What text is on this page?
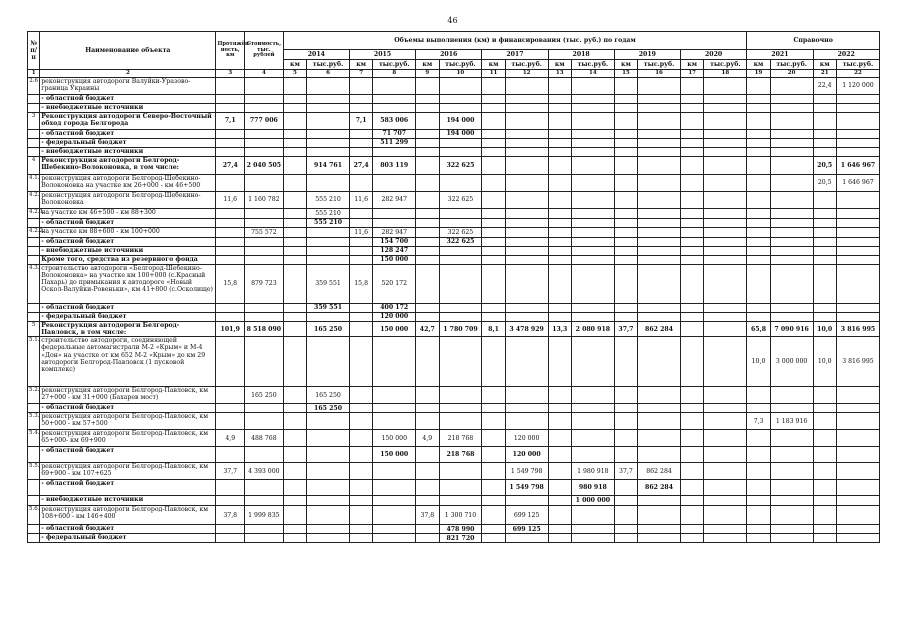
46
№ п/п	Наименование объекта	Протяжён-ность, км	Стоимость, тыс. рублей	Объемы выполнения (км) и финансирования (тыс. руб.) по годам														Справочно			
				2014		2015		2016		2017		2018		2019		2020		2021		2022	
				км	тыс.руб.	км	тыс.руб.	км	тыс.руб.	км	тыс.руб.	км	тыс.руб.	км	тыс.руб.	км	тыс.руб.	км	тыс.руб.	км	тыс.руб.
1	2	3	4	5	6	7	8	9	10	11	12	13	14	15	16	17	18	19	20	21	22
2.6	реконструкция автодороги Валуйки-Уразово-граница Украины																			22,4	1 120 000
	- областной бюджет																				
	- внебюджетные источники																				
3	Реконструкция автодороги Северо-Восточный обход города Белгорода	7,1	777 006			7,1	583 006		194 000												
	- областной бюджет						71 707		194 000												
	- федеральный бюджет						511 299														
	- внебюджетные источники																				
4	Реконструкция автодороги Белгород-Шебекино-Волоконовка, в том числе:	27,4	2 040 505		914 761	27,4	803 119		322 625											20,5	1 646 967
4.1.	реконструкция автодороги Белгород-Шебекино-Волоконовка на участке км 26+000 - км 46+500																			20,5	1 646 967
4.2.	реконструкция автодороги Белгород-Шебекино-Волоконовка	11,6	1 160 782		555 210	11,6	282 947		322 625												
4.2.1.	на участке км 46+500 - км 88+300				555 210																
	- областной бюджет				555 210																
4.2.2.	на участке км 88+600 - км 100+000		755 572			11,6	282 947		322 625												
	- областной бюджет						154 700		322 625												
	- внебюджетные источники						128 247														
	Кроме того, средства из резервного фонда						150 000														
4.3.	строительство автодороги «Белгород-Шебекино-Волоконовка» на участке км 100+000 (с.Красный Пахарь) до примыкания к автодороге «Новый Оскол-Валуйки-Ровеньки», км 41+800 (с.Осколище)	15,8	879 723		359 551	15,8	520 172														
	- областной бюджет				359 551		400 172														
	- федеральный бюджет						120 000														
5	Реконструкция автодороги Белгород-Павловск, в том числе:	101,9	8 518 090		165 250		150 000	42,7	1 780 709	8,1	3 478 929	13,3	2 080 918	37,7	862 284			65,8	7 090 916	10,0	3 816 995
5.1.	строительство автодороги, соединяющей федеральные автомагистрали М-2 «Крым» и М-4 «Дон» на участке от км 652 М-2 «Крым» до км 29 автодороги Белгород-Павловск (1 пусковой комплекс)																	10,0	3 000 000	10,0	3 816 995
5.2.	реконструкция автодороги Белгород-Павловск, км 27+000 - км 31+000 (Бахарев мост)		165 250		165 250																
	- областной бюджет				165 250																
5.3.	реконструкция автодороги Белгород-Павловск, км 50+000 - км 57+500																	7,3	1 183 916		
5.4.	реконструкция автодороги Белгород-Павловск, км 65+000- км 69+900	4,9	488 768				150 000	4,9	218 768		120 000										
	- областной бюджет						150 000		218 768		120 000										
5.5.	реконструкция автодороги Белгород-Павловск, км 69+900 - км 107+625	37,7	4 393 000								1 549 798		1 980 918	37,7	862 284						
	- областной бюджет										1 549 798		980 918		862 284						
	- внебюджетные источники												1 000 000								
5.6.	реконструкция автодороги Белгород-Павловск, км 108+600 - км 146+400	37,8	1 999 835					37,8	1 300 710		699 125										
	- областной бюджет								478 990		699 125										
	- федеральный бюджет								821 720												
